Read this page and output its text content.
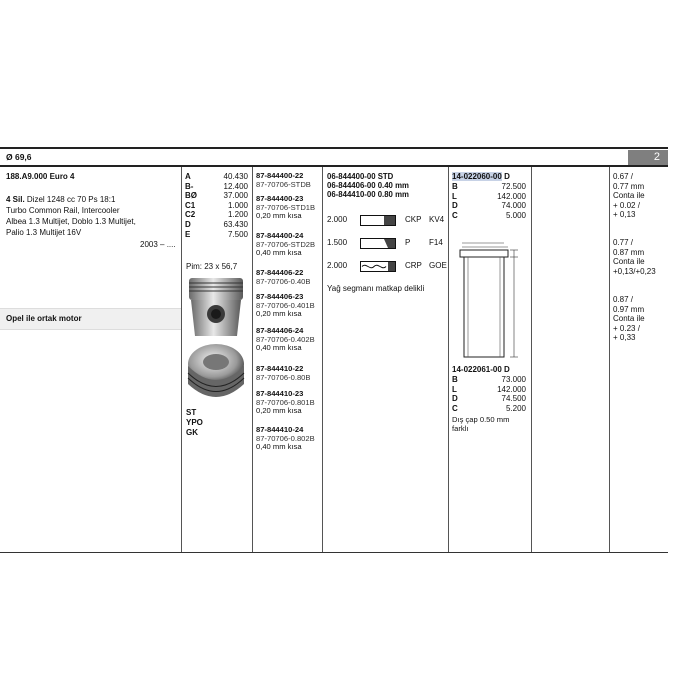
Ø 69,6	2
188.A9.000 Euro 4
4 Sil. Dizel 1248 cc 70 Ps 18:1
Turbo Common Rail, Intercooler
Albea 1.3 Multijet, Doblo 1.3 Multijet,
Palio 1.3 Multijet 16V
2003 – ....
Opel ile ortak motor
A	40.430
B-	12.400
BØ	37.000
C1	1.000
C2	1.200
D	63.430
E	7.500
Pim: 23 x 56,7
ST
YPO
GK
87-844400-22
87-70706-STDB
87-844400-23
87-70706-STD1B
0,20 mm kısa
87-844400-24
87-70706-STD2B
0,40 mm kısa
87-844406-22
87-70706-0.40B
87-844406-23
87-70706-0.401B
0,20 mm kısa
87-844406-24
87-70706-0.402B
0,40 mm kısa
87-844410-22
87-70706-0.80B
87-844410-23
87-70706-0.801B
0,20 mm kısa
87-844410-24
87-70706-0.802B
0,40 mm kısa
06-844400-00 STD
06-844406-00 0.40 mm
06-844410-00 0.80 mm
2.000	CKP KV4
1.500	P F14
2.000	CRP GOE
Yağ segmanı matkap delikli
14-022060-00 D
B	72.500
L	142.000
D	74.000
C	5.000
14-022061-00 D
B	73.000
L	142.000
D	74.500
C	5.200
Dış çap 0.50 mm
farklı
0.67 /
0.77 mm
Conta ile
+ 0.02 /
+ 0,13
0.77 /
0.87 mm
Conta ile
+0,13/+0,23
0.87 /
0.97 mm
Conta ile
+ 0.23 /
+ 0,33
